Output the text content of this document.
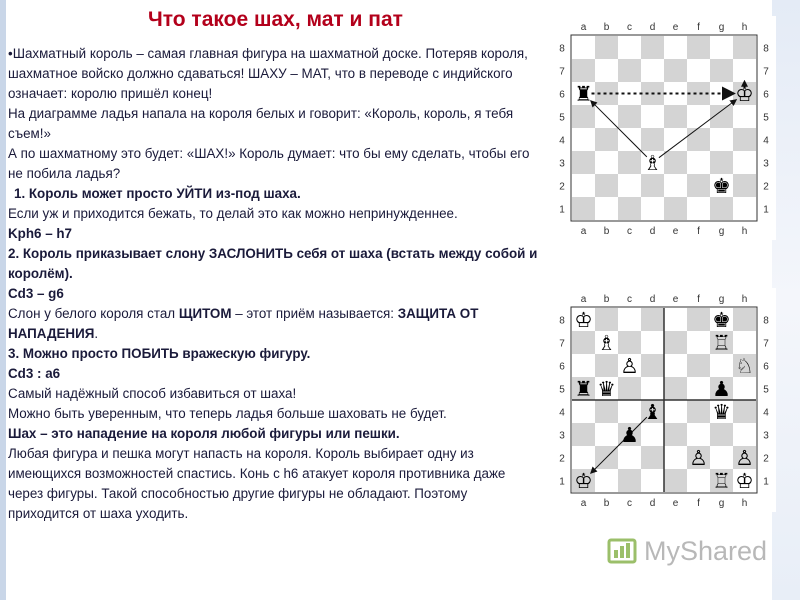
Что такое шах, мат и пат

•Шахматный король – самая главная фигура на шахматной доске. Потеряв короля, шахматное войско должно сдаваться! ШАХУ – МАТ, что в переводе с индийского означает: королю пришёл конец!

На диаграмме ладья напала на короля белых и говорит: «Король, король, я тебя съем!»

А по шахматному это будет: «ШАХ!» Король думает: что бы ему сделать, чтобы его не побила ладья?

1. Король может просто УЙТИ из-под шаха.

Если уж и приходится бежать, то делай это как можно непринужденнее.

Kph6 – h7

2. Король приказывает слону ЗАСЛОНИТЬ себя от шаха (встать между собой и королём).

Cd3 – g6

Слон у белого короля стал ЩИТОМ – этот приём называется: ЗАЩИТА ОТ НАПАДЕНИЯ.

3. Можно просто ПОБИТЬ вражескую фигуру.

Cd3 : a6

Самый надёжный способ избавиться от шаха!

Можно быть уверенным, что теперь ладья больше шаховать не будет.

Шах – это нападение на короля любой фигуры или пешки.

Любая фигура и пешка могут напасть на короля. Король выбирает одну из имеющихся возможностей спастись. Конь с h6 атакует короля противника даже через фигуры. Такой способностью другие фигуры не обладают. Поэтому приходится от шаха уходить.

a
a
b
b
c
c
d
d
e
e
f
f
g
g
h
h
8	8
7	7
6	6
5	5
4	4
3	3
2	2
1	1
♜	♔
♗
♚
a
a
b
b
c
c
d
d
e
e
f
f
g
g
h
h
8	8
7	7
6	6
5	5
4	4
3	3
2	2
1	1
♔
♗
♙
♜ ♛
♚
♖
♘
♟
♝
♟
♔
♛
♙ ♙
♖ ♔
MyShared
